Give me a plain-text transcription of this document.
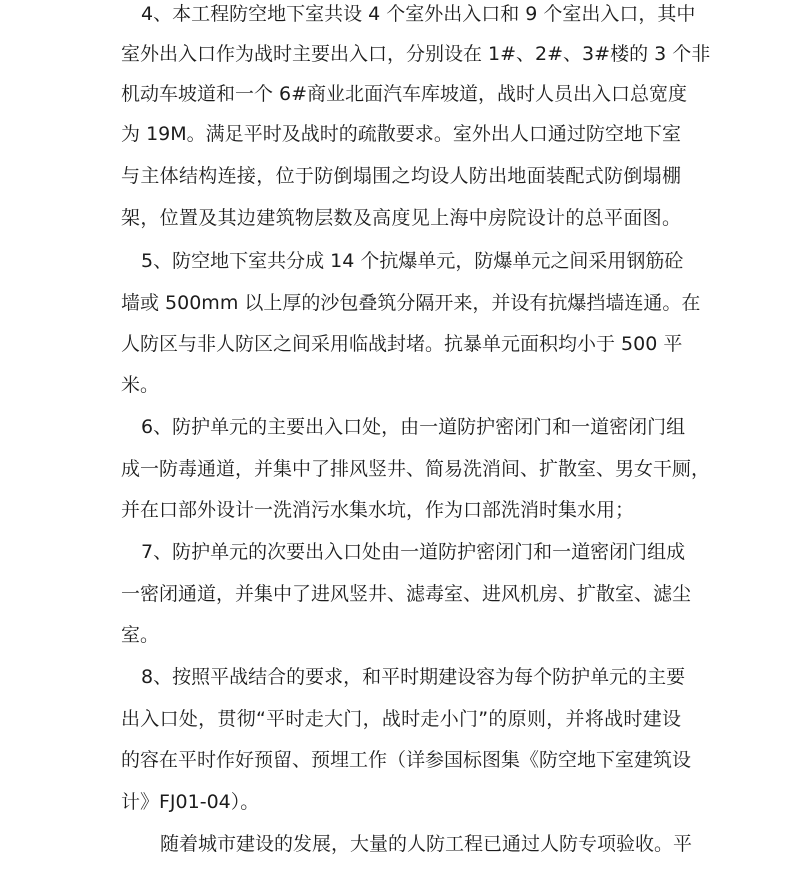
4、本工程防空地下室共设 4 个室外出入口和 9 个室出入口，其中
室外出入口作为战时主要出入口，分别设在 1#、2#、3#楼的 3 个非
机动车坡道和一个 6#商业北面汽车库坡道，战时人员出入口总宽度
为 19M。满足平时及战时的疏散要求。室外出人口通过防空地下室
与主体结构连接，位于防倒塌围之均设人防出地面装配式防倒塌棚
架，位置及其边建筑物层数及高度见上海中房院设计的总平面图。
5、防空地下室共分成 14 个抗爆单元，防爆单元之间采用钢筋砼
墙或 500mm 以上厚的沙包叠筑分隔开来，并设有抗爆挡墙连通。在
人防区与非人防区之间采用临战封堵。抗暴单元面积均小于 500 平
米。
6、防护单元的主要出入口处，由一道防护密闭门和一道密闭门组
成一防毒通道，并集中了排风竖井、简易洗消间、扩散室、男女干厕，
并在口部外设计一洗消污水集水坑，作为口部洗消时集水用；
7、防护单元的次要出入口处由一道防护密闭门和一道密闭门组成
一密闭通道，并集中了进风竖井、滤毒室、进风机房、扩散室、滤尘
室。
8、按照平战结合的要求，和平时期建设容为每个防护单元的主要
出入口处，贯彻“平时走大门，战时走小门”的原则，并将战时建设
的容在平时作好预留、预埋工作（详参国标图集《防空地下室建筑设
计》FJ01-04）。
随着城市建设的发展，大量的人防工程已通过人防专项验收。平
